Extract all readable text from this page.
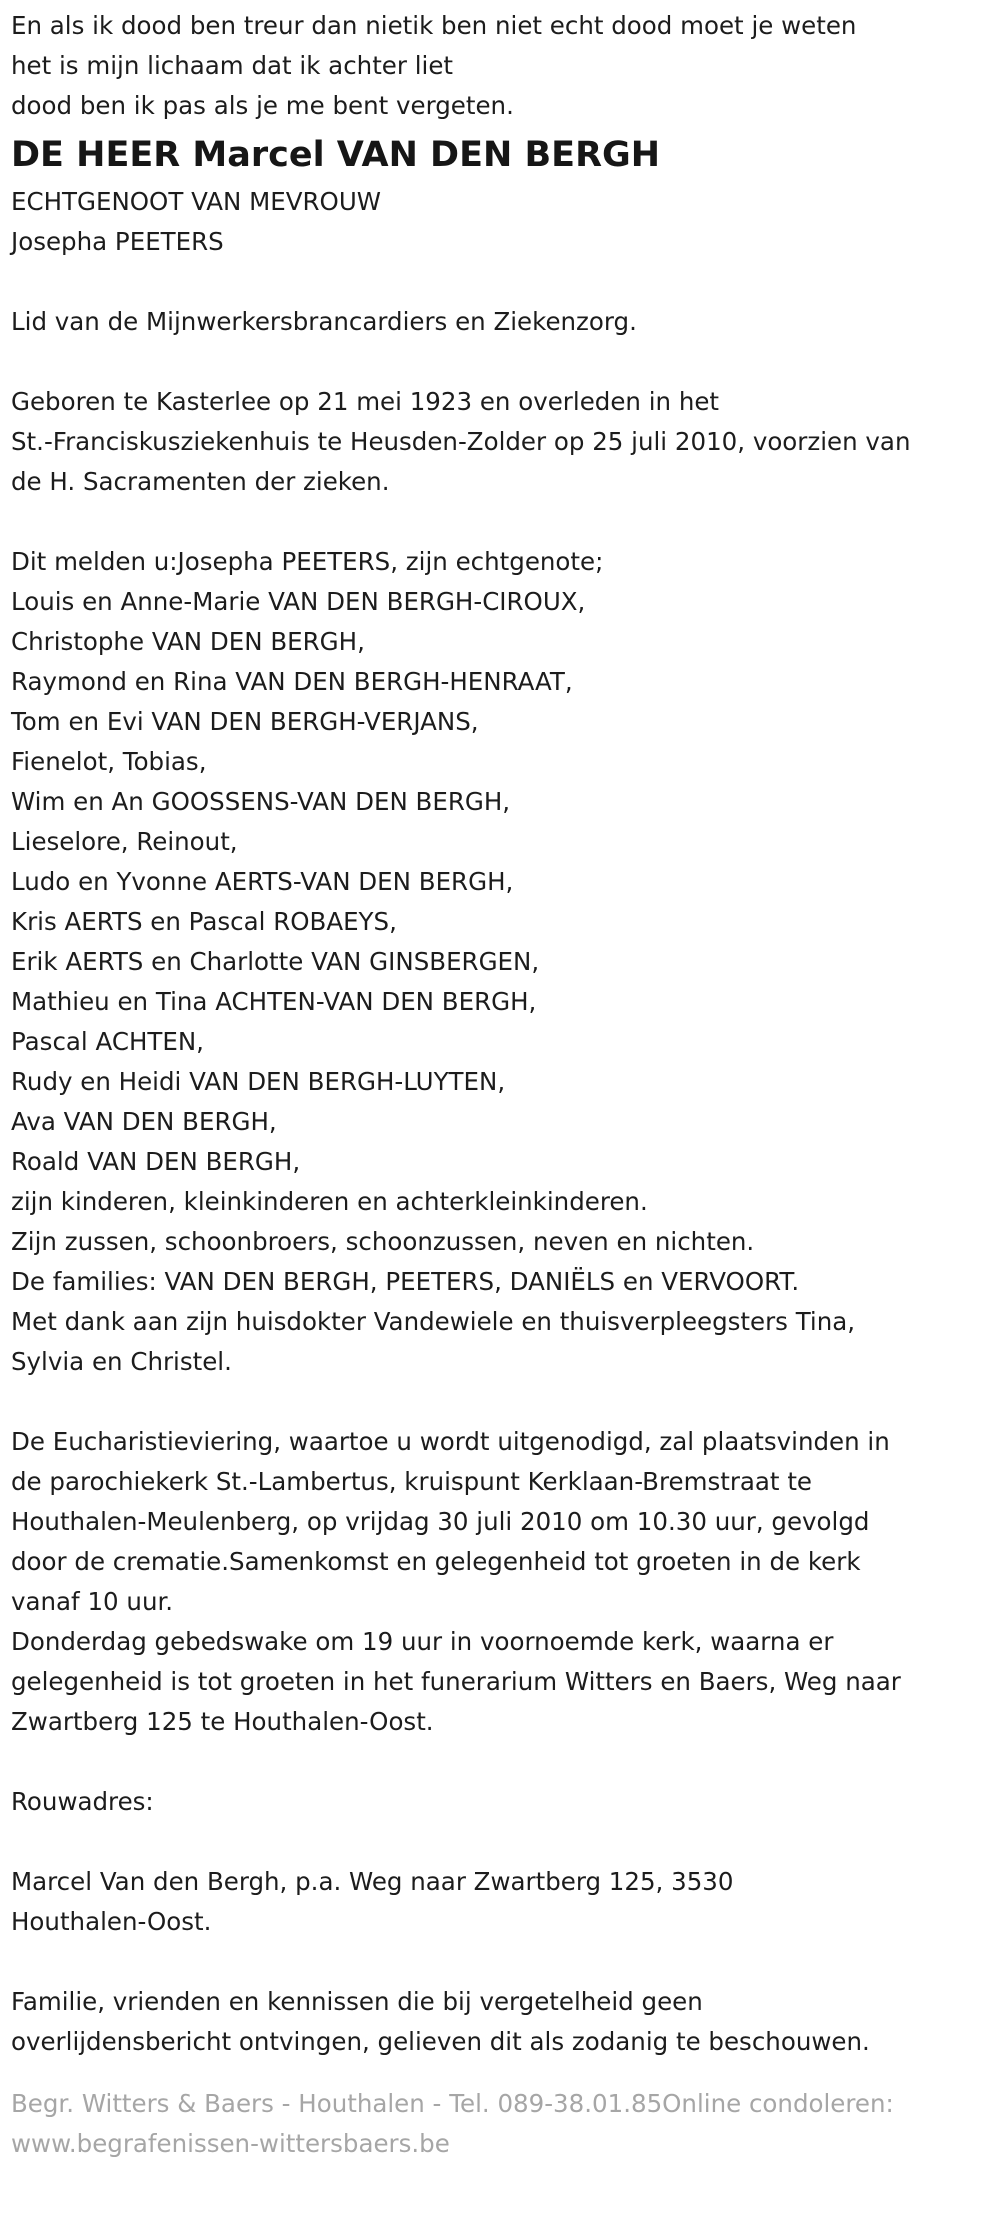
En als ik dood ben treur dan nietik ben niet echt dood moet je weten
het is mijn lichaam dat ik achter liet
dood ben ik pas als je me bent vergeten.
DE HEER Marcel VAN DEN BERGH
ECHTGENOOT VAN MEVROUW
Josepha PEETERS
Lid van de Mijnwerkersbrancardiers en Ziekenzorg.
Geboren te Kasterlee op 21 mei 1923 en overleden in het
St.-Franciskusziekenhuis te Heusden-Zolder op 25 juli 2010, voorzien van
de H. Sacramenten der zieken.
Dit melden u:Josepha PEETERS, zijn echtgenote;
Louis en Anne-Marie VAN DEN BERGH-CIROUX,
Christophe VAN DEN BERGH,
Raymond en Rina VAN DEN BERGH-HENRAAT,
Tom en Evi VAN DEN BERGH-VERJANS,
Fienelot, Tobias,
Wim en An GOOSSENS-VAN DEN BERGH,
Lieselore, Reinout,
Ludo en Yvonne AERTS-VAN DEN BERGH,
Kris AERTS en Pascal ROBAEYS,
Erik AERTS en Charlotte VAN GINSBERGEN,
Mathieu en Tina ACHTEN-VAN DEN BERGH,
Pascal ACHTEN,
Rudy en Heidi VAN DEN BERGH-LUYTEN,
Ava VAN DEN BERGH,
Roald VAN DEN BERGH,
zijn kinderen, kleinkinderen en achterkleinkinderen.
Zijn zussen, schoonbroers, schoonzussen, neven en nichten.
De families: VAN DEN BERGH, PEETERS, DANIËLS en VERVOORT.
Met dank aan zijn huisdokter Vandewiele en thuisverpleegsters Tina,
Sylvia en Christel.
De Eucharistieviering, waartoe u wordt uitgenodigd, zal plaatsvinden in
de parochiekerk St.-Lambertus, kruispunt Kerklaan-Bremstraat te
Houthalen-Meulenberg, op vrijdag 30 juli 2010 om 10.30 uur, gevolgd
door de crematie.Samenkomst en gelegenheid tot groeten in de kerk
vanaf 10 uur.
Donderdag gebedswake om 19 uur in voornoemde kerk, waarna er
gelegenheid is tot groeten in het funerarium Witters en Baers, Weg naar
Zwartberg 125 te Houthalen-Oost.
Rouwadres:
Marcel Van den Bergh, p.a. Weg naar Zwartberg 125, 3530
Houthalen-Oost.
Familie, vrienden en kennissen die bij vergetelheid geen
overlijdensbericht ontvingen, gelieven dit als zodanig te beschouwen.
Begr. Witters & Baers - Houthalen - Tel. 089-38.01.85Online condoleren:
www.begrafenissen-wittersbaers.be
